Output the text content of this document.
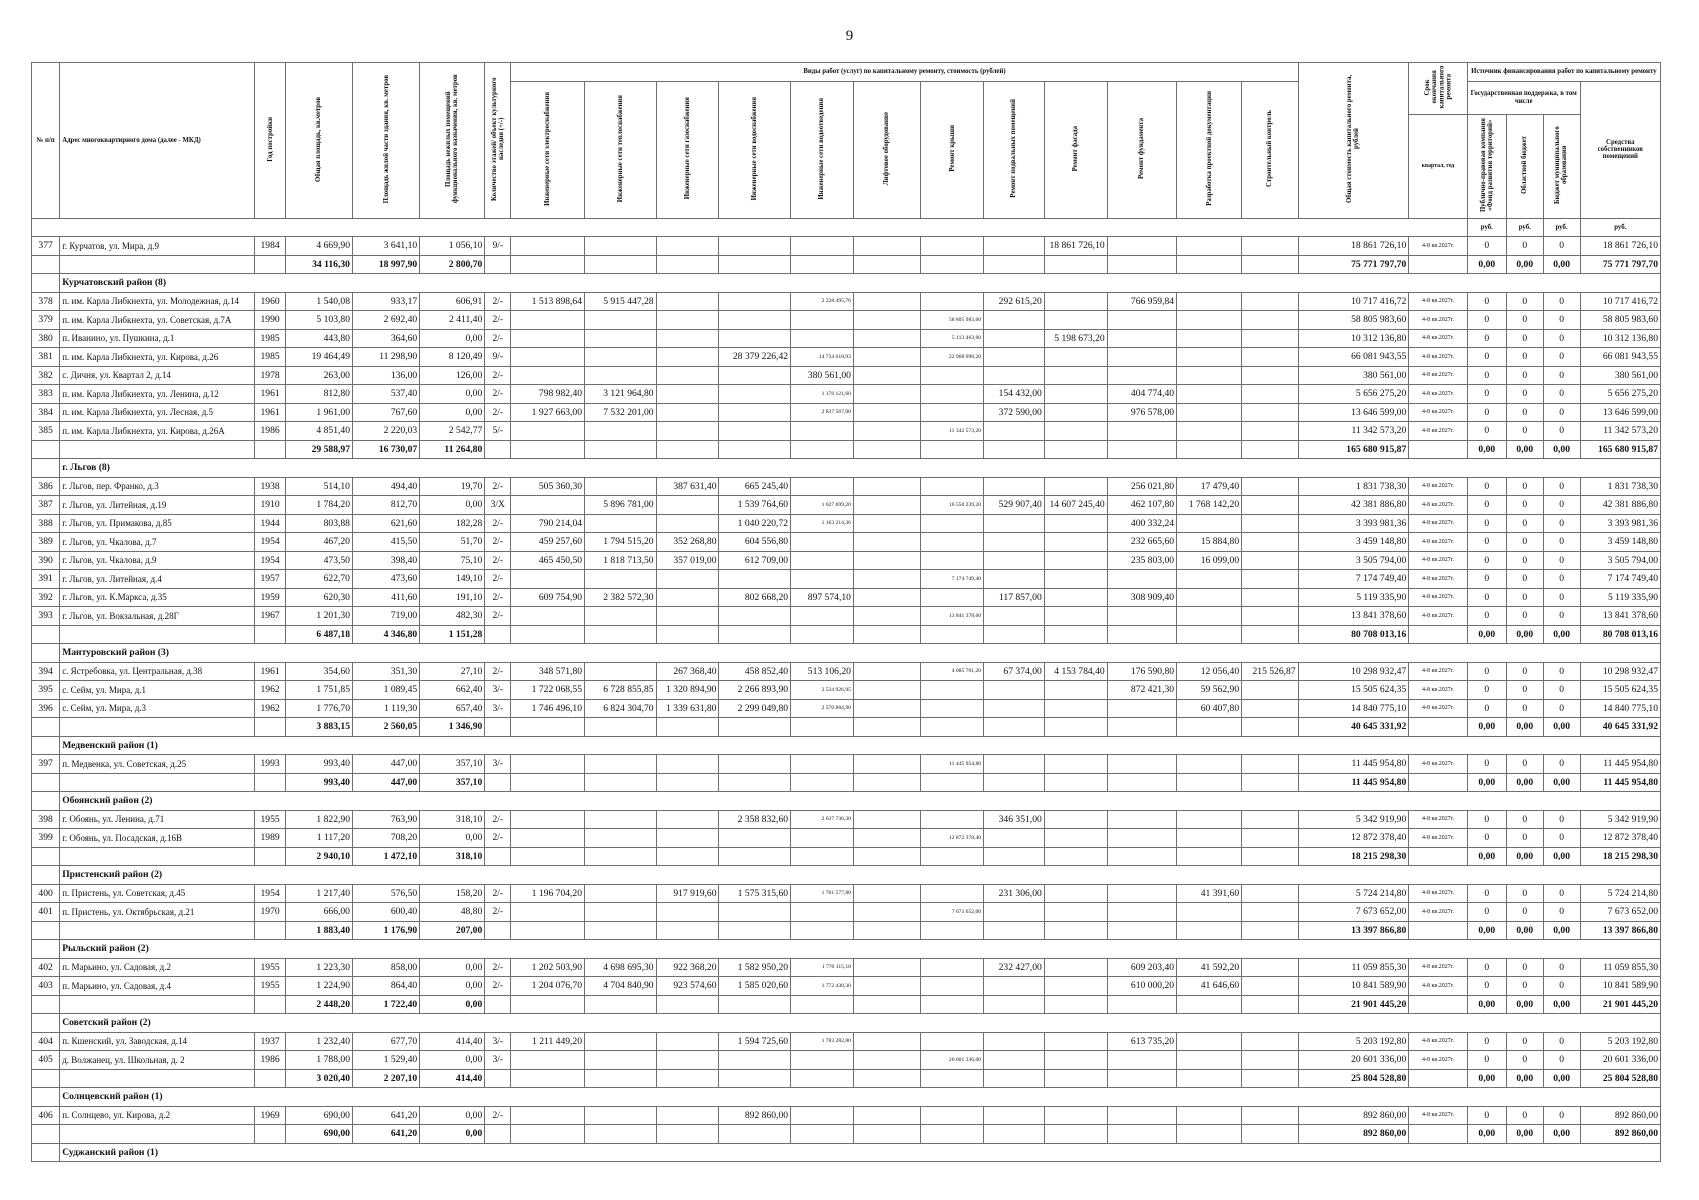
9
№ п/п	Адрес многоквартирного дома (далее - МКД)	Год постройки	Общая площадь, кв.метров	Площадь жилой части здания, кв. метров	Площадь нежилых помещений функционального назначения, кв. метров	Количество этажей/ объект культурного наследия (+/-)	Виды работ (услуг) по капитальному ремонту, стоимость (рублей)												Общая стоимость капитального ремонта, рублей	Срок окончания капитального ремонта	Источник финансирования работ по капитальному ремонту			
							Инженерные сети электроснабжения	Инженерные сети теплоснабжения	Инженерные сети газоснабжения	Инженерные сети водоснабжения	Инженерные сети водоотведения	Лифтовое оборудование	Ремонт крыши	Ремонт подвальных помещений	Ремонт фасада	Ремонт фундамента	Разработка проектной документации	Строительный контроль			Государственная поддержка, в том числе			Средства собственников помещений
																				квартал, год	Публично-правовая компания «Фонд развития территорий»	Областной бюджет	Бюджет муниципального образования	
																					руб.	руб.	руб.	руб.
377	г. Курчатов, ул. Мира, д.9	1984	4 669,90	3 641,10	1 056,10	9/-									18 861 726,10				18 861 726,10	4-8 кв.2027г.	0	0	0	18 861 726,10
			34 116,30	18 997,90	2 800,70														75 771 797,70		0,00	0,00	0,00	75 771 797,70
	Курчатовский район (8)																							
378	п. им. Карла Либкнехта, ул. Молодежная, д.14	1960	1 540,08	933,17	606,91	2/-	1 513 898,64	5 915 447,28			2 228 495,76			292 615,20		766 959,84			10 717 416,72	4-8 кв.2027г.	0	0	0	10 717 416,72
379	п. им. Карла Либкнехта, ул. Советская, д.7А	1990	5 103,80	2 692,40	2 411,40	2/-							58 805 983,60						58 805 983,60	4-8 кв.2027г.	0	0	0	58 805 983,60
380	п. Иванино, ул. Пушкина, д.1	1985	443,80	364,60	0,00	2/-							5 113 463,60		5 198 673,20				10 312 136,80	4-8 кв.2027г.	0	0	0	10 312 136,80
381	п. им. Карла Либкнехта, ул. Кирова, д.26	1985	19 464,49	11 298,90	8 120,49	9/-				28 379 226,42	14 734 618,93		22 968 098,20						66 081 943,55	4-8 кв.2027г.	0	0	0	66 081 943,55
382	с. Дичня, ул. Квартал 2, д.14	1978	263,00	136,00	126,00	2/-					380 561,00								380 561,00	4-8 кв.2027г.	0	0	0	380 561,00
383	п. им. Карла Либкнехта, ул. Ленина, д.12	1961	812,80	537,40	0,00	2/-	798 982,40	3 121 964,80			1 176 121,60			154 432,00		404 774,40			5 656 275,20	4-8 кв.2027г.	0	0	0	5 656 275,20
384	п. им. Карла Либкнехта, ул. Лесная, д.5	1961	1 961,00	767,60	0,00	2/-	1 927 663,00	7 532 201,00			2 837 567,00			372 590,00		976 578,00			13 646 599,00	4-8 кв.2027г.	0	0	0	13 646 599,00
385	п. им. Карла Либкнехта, ул. Кирова, д.26А	1986	4 851,40	2 220,03	2 542,77	5/-							11 342 573,20						11 342 573,20	4-8 кв.2027г.	0	0	0	11 342 573,20
			29 588,97	16 730,07	11 264,80														165 680 915,87		0,00	0,00	0,00	165 680 915,87
	г. Льгов (8)																							
386	г. Льгов, пер. Франко, д.3	1938	514,10	494,40	19,70	2/-	505 360,30		387 631,40	665 245,40						256 021,80	17 479,40		1 831 738,30	4-8 кв.2027г.	0	0	0	1 831 738,30
387	г. Льгов, ул. Литейная, д.19	1910	1 784,20	812,70	0,00	3/Х		5 896 781,00		1 539 764,60	1 027 699,20		16 550 239,20	529 907,40	14 607 245,40	462 107,80	1 768 142,20		42 381 886,80	4-8 кв.2027г.	0	0	0	42 381 886,80
388	г. Льгов, ул. Примакова, д.85	1944	803,88	621,60	182,28	2/-	790 214,04			1 040 220,72	1 163 214,36					400 332,24			3 393 981,36	4-8 кв.2027г.	0	0	0	3 393 981,36
389	г. Льгов, ул. Чкалова, д.7	1954	467,20	415,50	51,70	2/-	459 257,60	1 794 515,20	352 268,80	604 556,80						232 665,60	15 884,80		3 459 148,80	4-8 кв.2027г.	0	0	0	3 459 148,80
390	г. Льгов, ул. Чкалова, д.9	1954	473,50	398,40	75,10	2/-	465 450,50	1 818 713,50	357 019,00	612 709,00						235 803,00	16 099,00		3 505 794,00	4-8 кв.2027г.	0	0	0	3 505 794,00
391	г. Льгов, ул. Литейная, д.4	1957	622,70	473,60	149,10	2/-							7 174 749,40						7 174 749,40	4-8 кв.2027г.	0	0	0	7 174 749,40
392	г. Льгов, ул. К.Маркса, д.35	1959	620,30	411,60	191,10	2/-	609 754,90	2 382 572,30		802 668,20	897 574,10			117 857,00		308 909,40			5 119 335,90	4-8 кв.2027г.	0	0	0	5 119 335,90
393	г. Льгов, ул. Вокзальная, д.28Г	1967	1 201,30	719,00	482,30	2/-							13 841 378,60						13 841 378,60	4-8 кв.2027г.	0	0	0	13 841 378,60
			6 487,18	4 346,80	1 151,28														80 708 013,16		0,00	0,00	0,00	80 708 013,16
	Мантуровский район (3)																							
394	с. Ястребовка, ул. Центральная, д.38	1961	354,60	351,30	27,10	2/-	348 571,80		267 368,40	458 852,40	513 106,20		4 085 701,20	67 374,00	4 153 784,40	176 590,80	12 056,40	215 526,87	10 298 932,47	4-8 кв.2027г.	0	0	0	10 298 932,47
395	с. Сейм, ул. Мира, д.1	1962	1 751,85	1 089,45	662,40	3/-	1 722 068,55	6 728 855,85	1 320 894,90	2 266 893,90	2 534 926,95					872 421,30	59 562,90		15 505 624,35	4-8 кв.2027г.	0	0	0	15 505 624,35
396	с. Сейм, ул. Мира, д.3	1962	1 776,70	1 119,30	657,40	3/-	1 746 496,10	6 824 304,70	1 339 631,80	2 299 049,80	2 570 884,90						60 407,80		14 840 775,10	4-8 кв.2027г.	0	0	0	14 840 775,10
			3 883,15	2 560,05	1 346,90														40 645 331,92		0,00	0,00	0,00	40 645 331,92
	Медвенский район (1)																							
397	п. Медвенка, ул. Советская, д.25	1993	993,40	447,00	357,10	3/-							11 445 954,80						11 445 954,80	4-8 кв.2027г.	0	0	0	11 445 954,80
			993,40	447,00	357,10														11 445 954,80		0,00	0,00	0,00	11 445 954,80
	Обоянский район (2)																							
398	г. Обоянь, ул. Ленина, д.71	1955	1 822,90	763,90	318,10	2/-				2 358 832,60	2 637 736,30			346 351,00					5 342 919,90	4-8 кв.2027г.	0	0	0	5 342 919,90
399	г. Обоянь, ул. Посадская, д.16В	1989	1 117,20	708,20	0,00	2/-							12 872 378,40						12 872 378,40	4-8 кв.2027г.	0	0	0	12 872 378,40
			2 940,10	1 472,10	318,10														18 215 298,30		0,00	0,00	0,00	18 215 298,30
	Пристенский район (2)																							
400	п. Пристень, ул. Советская, д.45	1954	1 217,40	576,50	158,20	2/-	1 196 704,20		917 919,60	1 575 315,60	1 761 577,80			231 306,00			41 391,60		5 724 214,80	4-8 кв.2027г.	0	0	0	5 724 214,80
401	п. Пристень, ул. Октябрьская, д.21	1970	666,00	600,40	48,80	2/-							7 673 652,00						7 673 652,00	4-8 кв.2027г.	0	0	0	7 673 652,00
			1 883,40	1 176,90	207,00														13 397 866,80		0,00	0,00	0,00	13 397 866,80
	Рыльский район (2)																							
402	п. Марьино, ул. Садовая, д.2	1955	1 223,30	858,00	0,00	2/-	1 202 503,90	4 698 695,30	922 368,20	1 582 950,20	1 770 115,10			232 427,00		609 203,40	41 592,20		11 059 855,30	4-8 кв.2027г.	0	0	0	11 059 855,30
403	п. Марьино, ул. Садовая, д.4	1955	1 224,90	864,40	0,00	2/-	1 204 076,70	4 704 840,90	923 574,60	1 585 020,60	1 772 430,30					610 000,20	41 646,60		10 841 589,90	4-8 кв.2027г.	0	0	0	10 841 589,90
			2 448,20	1 722,40	0,00														21 901 445,20		0,00	0,00	0,00	21 901 445,20
	Советский район (2)																							
404	п. Кшенский, ул. Заводская, д.14	1937	1 232,40	677,70	414,40	3/-	1 211 449,20			1 594 725,60	1 783 282,80					613 735,20			5 203 192,80	4-8 кв.2027г.	0	0	0	5 203 192,80
405	д. Волжанец, ул. Школьная, д. 2	1986	1 788,00	1 529,40	0,00	3/-							20 601 336,00						20 601 336,00	4-8 кв.2027г.	0	0	0	20 601 336,00
			3 020,40	2 207,10	414,40														25 804 528,80		0,00	0,00	0,00	25 804 528,80
	Солнцевский район (1)																							
406	п. Солнцево, ул. Кирова, д.2	1969	690,00	641,20	0,00	2/-				892 860,00									892 860,00	4-8 кв.2027г.	0	0	0	892 860,00
			690,00	641,20	0,00														892 860,00		0,00	0,00	0,00	892 860,00
	Суджанский район (1)																							
